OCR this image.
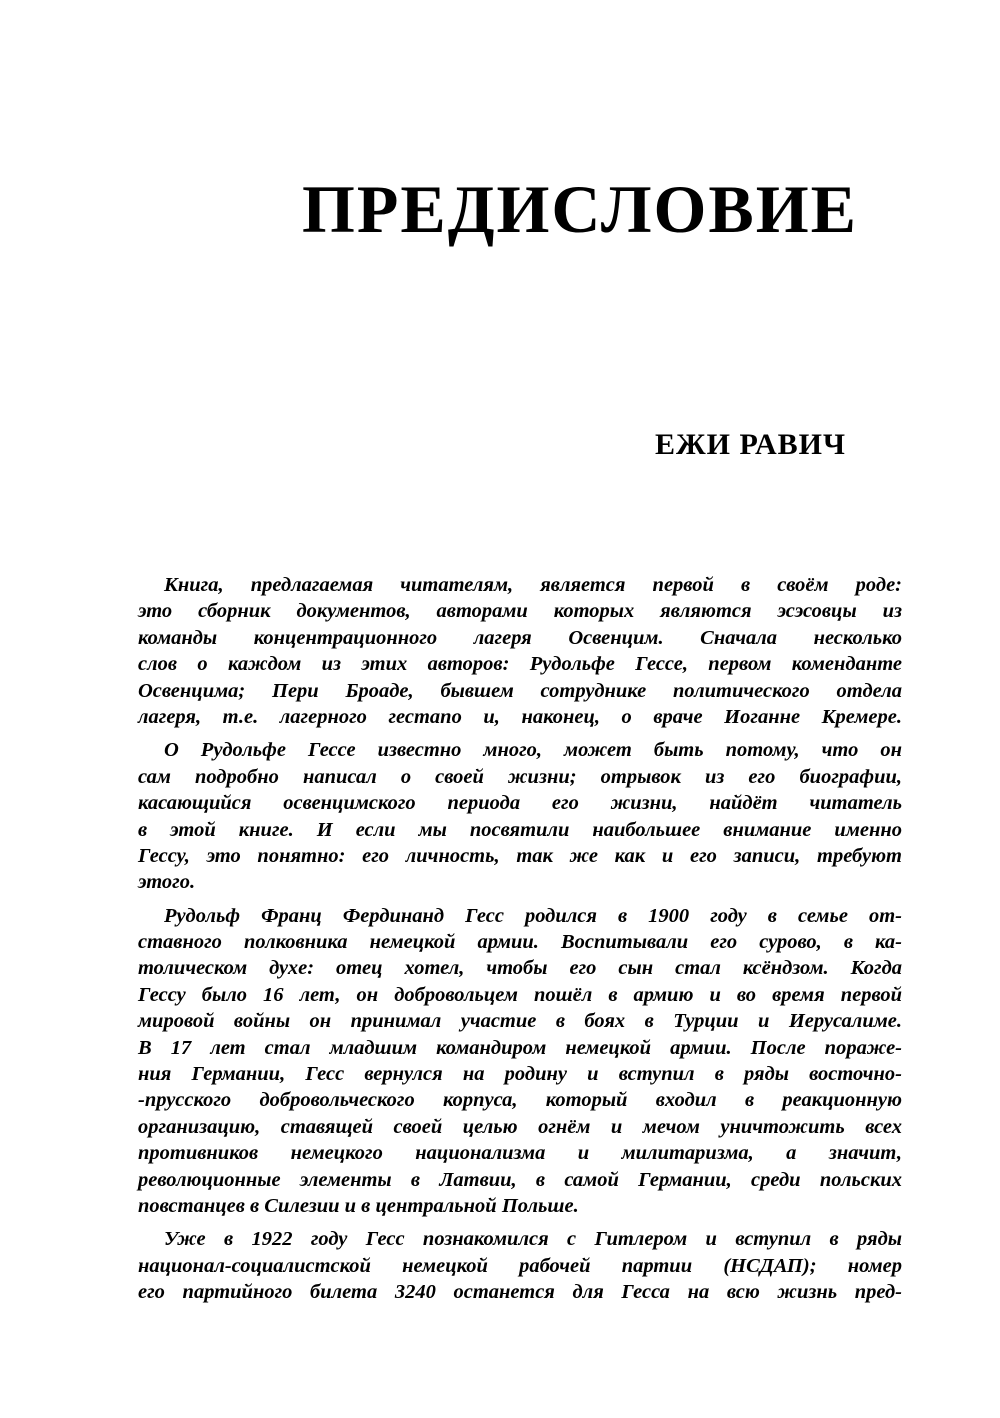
ПРЕДИСЛОВИЕ
ЕЖИ РАВИЧ
Книга, предлагаемая читателям, является первой в своём роде:
это сборник документов, авторами которых являются эсэсовцы из
команды концентрационного лагеря Освенцим. Сначала несколько
слов о каждом из этих авторов: Рудольфе Гессе, первом коменданте
Освенцима; Пери Броаде, бывшем сотруднике политического отдела
лагеря, т.е. лагерного гестапо и, наконец, о враче Иоганне Кремере.
О Рудольфе Гессе известно много, может быть потому, что он
сам подробно написал о своей жизни; отрывок из его биографии,
касающийся освенцимского периода его жизни, найдёт читатель
в этой книге. И если мы посвятили наибольшее внимание именно
Гессу, это понятно: его личность, так же как и его записи, требуют
этого.
Рудольф Франц Фердинанд Гесс родился в 1900 году в семье от-
ставного полковника немецкой армии. Воспитывали его сурово, в ка-
толическом духе: отец хотел, чтобы его сын стал ксёндзом. Когда
Гессу было 16 лет, он добровольцем пошёл в армию и во время первой
мировой войны он принимал участие в боях в Турции и Иерусалиме.
В 17 лет стал младшим командиром немецкой армии. После пораже-
ния Германии, Гесс вернулся на родину и вступил в ряды восточно-
-прусского добровольческого корпуса, который входил в реакционную
организацию, ставящей своей целью огнём и мечом уничтожить всех
противников немецкого национализма и милитаризма, а значит,
революционные элементы в Латвии, в самой Германии, среди польских
повстанцев в Силезии и в центральной Польше.
Уже в 1922 году Гесс познакомился с Гитлером и вступил в ряды
национал-социалистской немецкой рабочей партии (НСДАП); номер
его партийного билета 3240 останется для Гесса на всю жизнь пред-
